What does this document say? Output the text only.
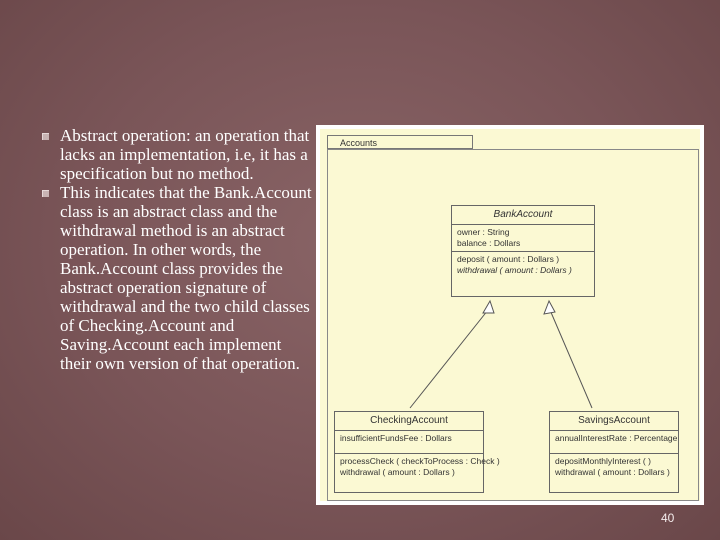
Abstract operation: an operation that lacks an implementation, i.e, it has a specification but no method.
This indicates that the Bank.Account class is an abstract class and the withdrawal method is an abstract operation. In other words, the Bank.Account class provides the abstract operation signature of withdrawal and the two child classes of Checking.Account and Saving.Account each implement their own version of that operation.
Accounts
BankAccount
owner : String
balance : Dollars
deposit ( amount : Dollars )
withdrawal ( amount : Dollars )
CheckingAccount
insufficientFundsFee : Dollars
processCheck ( checkToProcess : Check )
withdrawal ( amount : Dollars )
SavingsAccount
annualInterestRate : Percentage
depositMonthlyInterest ( )
withdrawal ( amount : Dollars )
40
